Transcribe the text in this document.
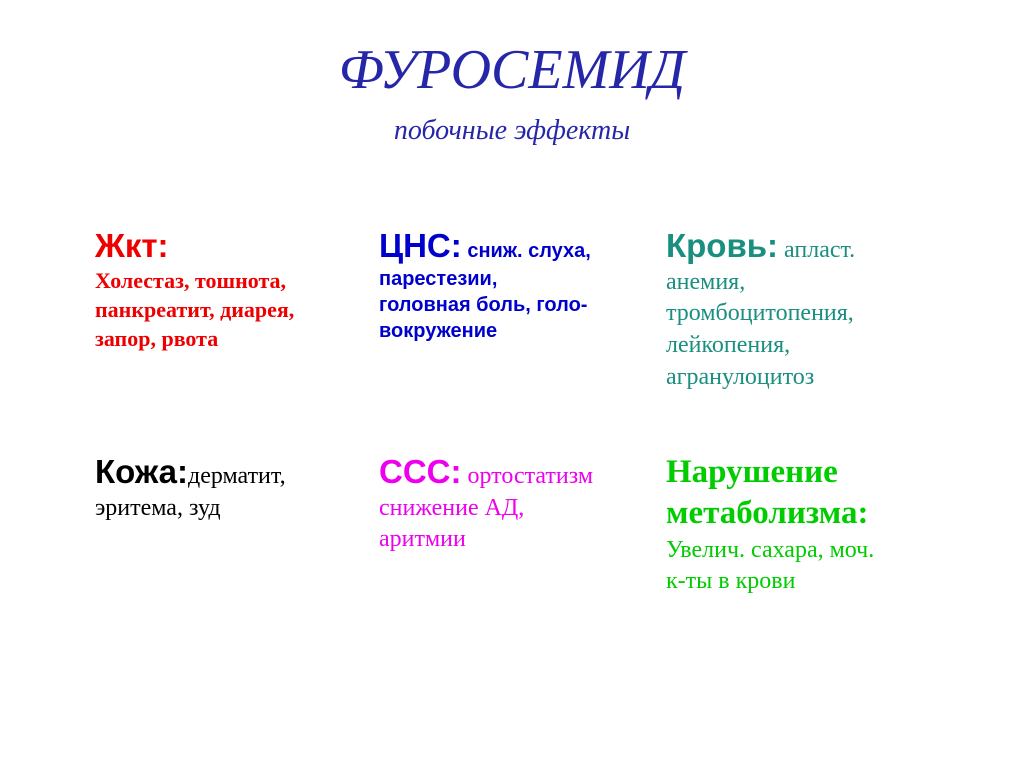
ФУРОСЕМИД
побочные эффекты
Жкт:
Холестаз, тошнота,
панкреатит, диарея,
запор, рвота
ЦНС: сниж. слуха,
парестезии,
головная боль, голо-
вокружение
Кровь: апласт.
анемия,
тромбоцитопения,
лейкопения,
агранулоцитоз
Кожа:дерматит,
эритема, зуд
ССС: ортостатизм
снижение АД,
аритмии
Нарушение
метаболизма:
Увелич. сахара, моч.
к-ты в крови
